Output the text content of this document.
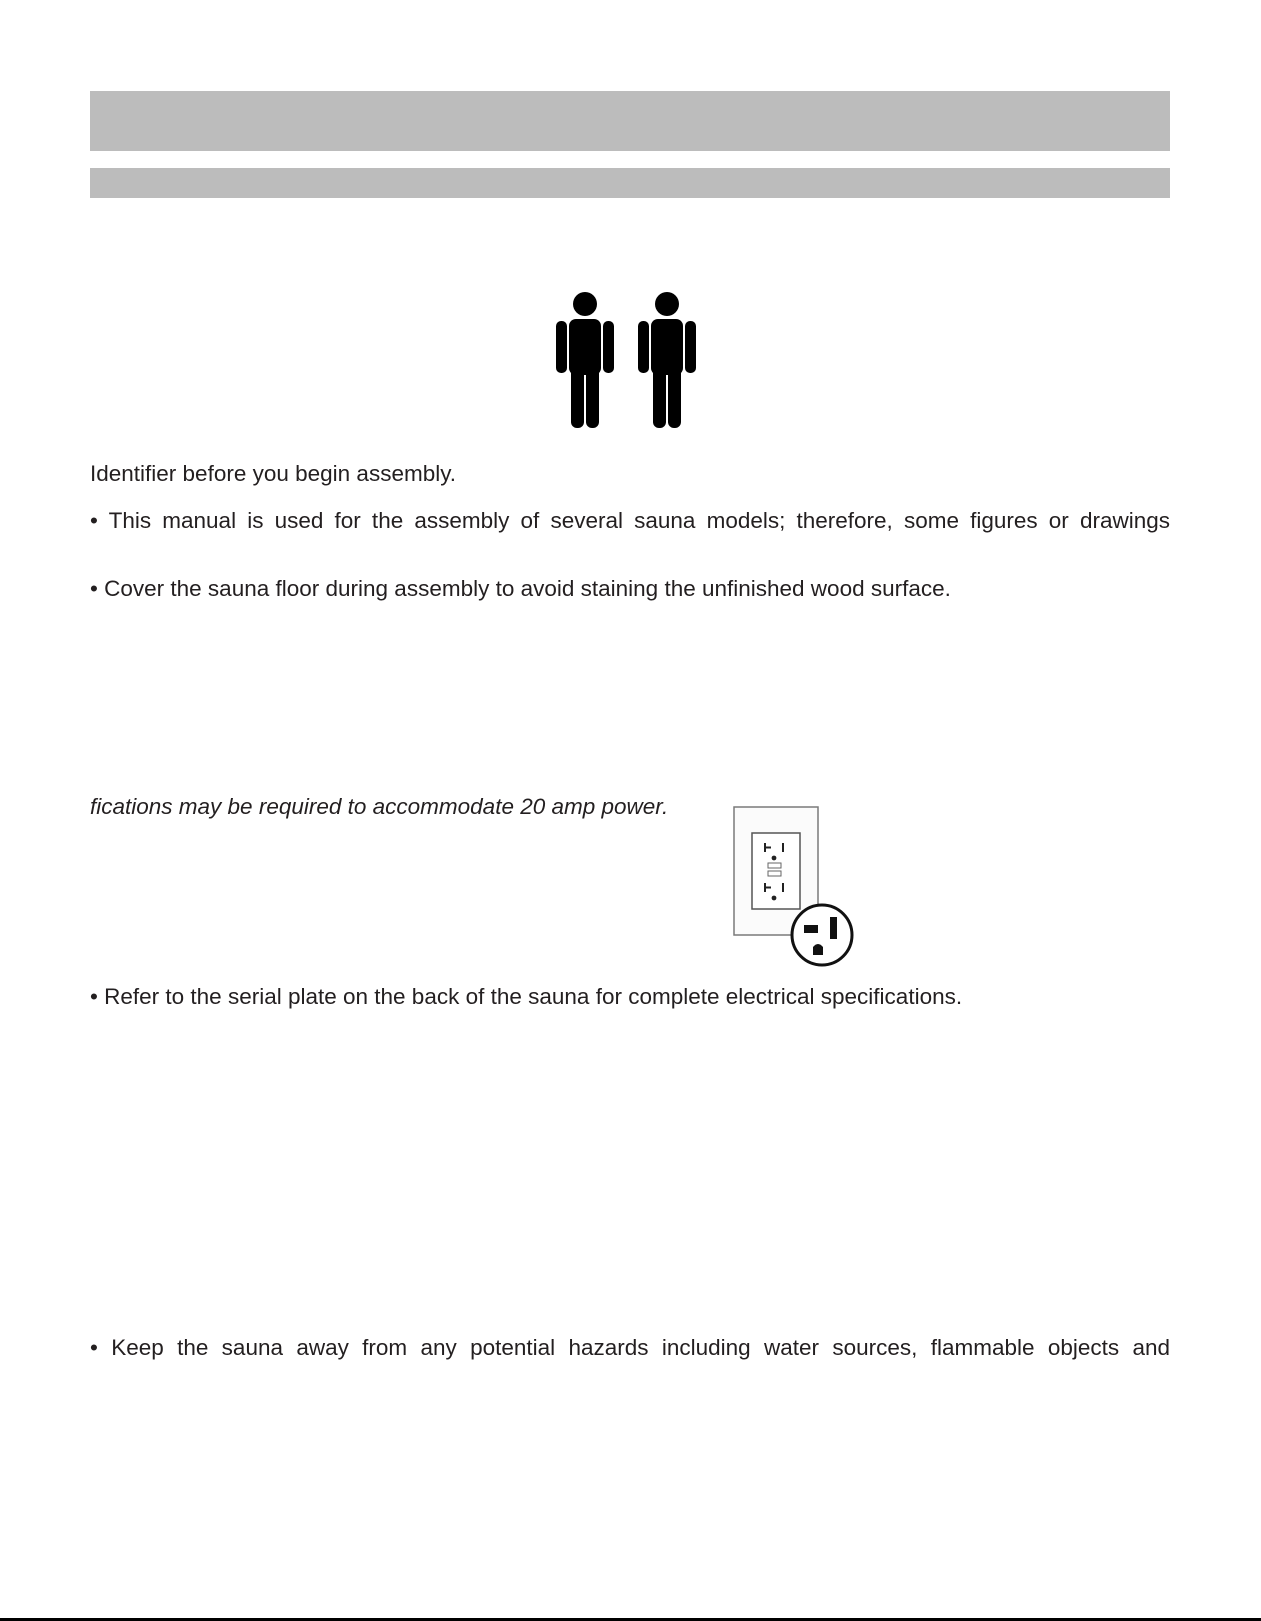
Identifier before you begin assembly.
• This manual is used for the assembly of several sauna models; therefore, some figures or drawings
• Cover the sauna floor during assembly to avoid staining the unfinished wood surface.
fications may be required to accommodate 20 amp power.
• Refer to the serial plate on the back of the sauna for complete electrical specifications.
• Keep the sauna away from any potential hazards including water sources, flammable objects and
